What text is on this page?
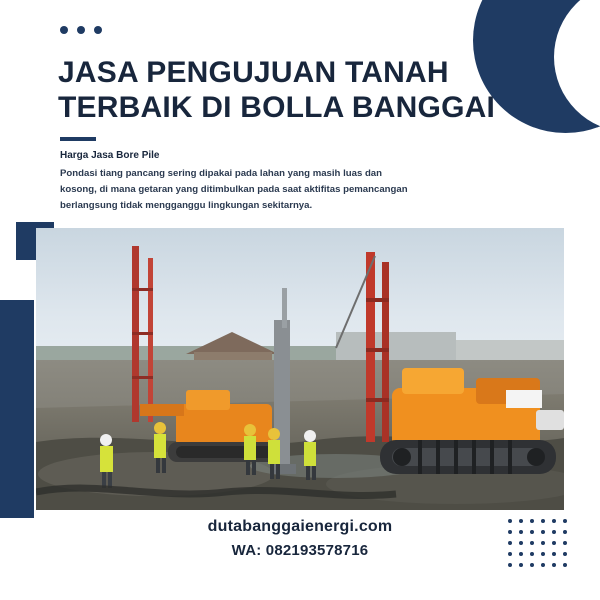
JASA PENGUJUAN TANAH TERBAIK DI BOLLA BANGGAI
Harga Jasa Bore Pile
Pondasi tiang pancang sering dipakai pada lahan yang masih luas dan kosong, di mana getaran yang ditimbulkan pada saat aktifitas pemancangan berlangsung tidak mengganggu lingkungan sekitarnya.
dutabanggaienergi.com
WA: 082193578716
